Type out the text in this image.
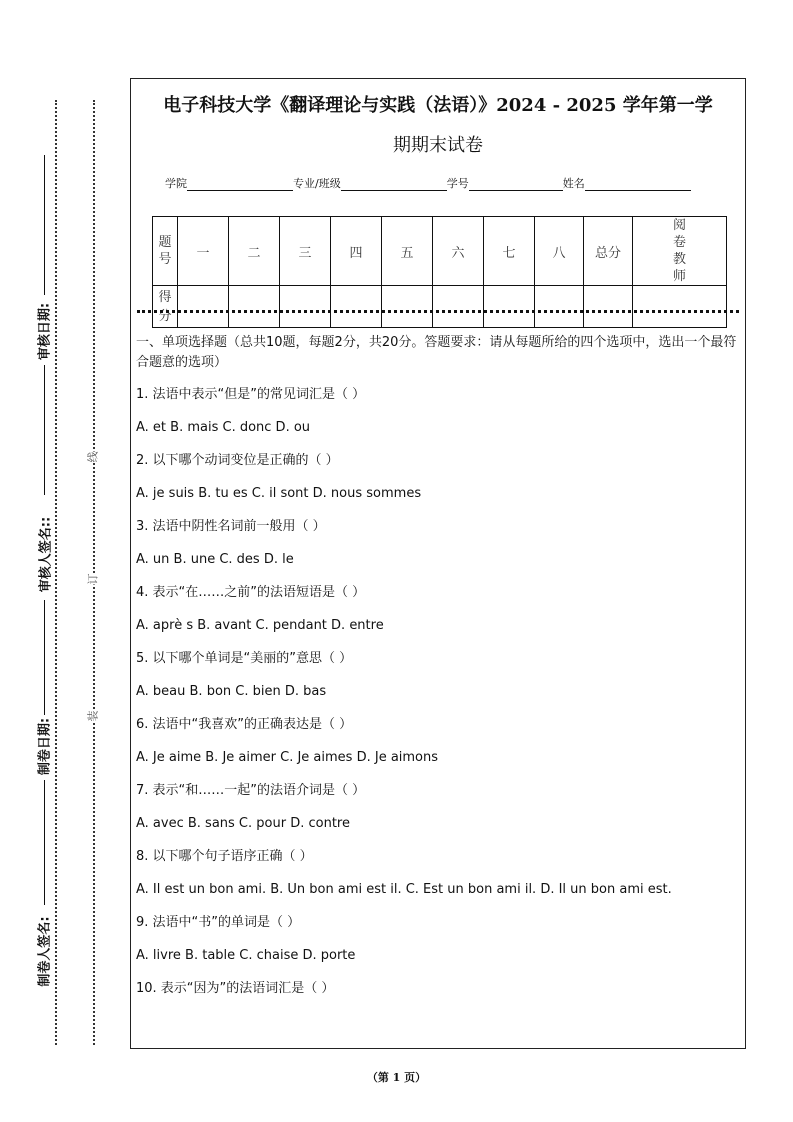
审核日期:
审核人签名::
制卷日期:
制卷人签名:
线
订
装
电子科技大学《翻译理论与实践（法语）》2024 - 2025 学年第一学
期期末试卷
学院	专业/班级	学号	姓名
题号	一	二	三	四	五	六	七	八	总分	阅卷教师
得分										
一、单项选择题（总共10题，每题2分，共20分。答题要求：请从每题所给的四个选项中，选出一个最符合题意的选项）
1. 法语中表示“但是”的常见词汇是（ ）
A. et B. mais C. donc D. ou
2. 以下哪个动词变位是正确的（ ）
A. je suis B. tu es C. il sont D. nous sommes
3. 法语中阴性名词前一般用（ ）
A. un B. une C. des D. le
4. 表示“在……之前”的法语短语是（ ）
A. aprè s B. avant C. pendant D. entre
5. 以下哪个单词是“美丽的”意思（ ）
A. beau B. bon C. bien D. bas
6. 法语中“我喜欢”的正确表达是（ ）
A. Je aime B. Je aimer C. Je aimes D. Je aimons
7. 表示“和……一起”的法语介词是（ ）
A. avec B. sans C. pour D. contre
8. 以下哪个句子语序正确（ ）
A. Il est un bon ami. B. Un bon ami est il. C. Est un bon ami il. D. Il un bon ami est.
9. 法语中“书”的单词是（ ）
A. livre B. table C. chaise D. porte
10. 表示“因为”的法语词汇是（ ）
（第 1 页）
